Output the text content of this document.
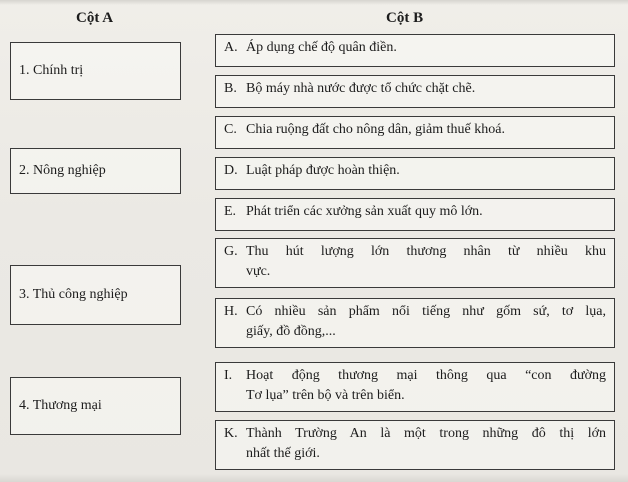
Cột A	Cột B
1. Chính trị
2. Nông nghiệp
3. Thủ công nghiệp
4. Thương mại
A. Áp dụng chế độ quân điền.
B. Bộ máy nhà nước được tổ chức chặt chẽ.
C. Chia ruộng đất cho nông dân, giảm thuế khoá.
D. Luật pháp được hoàn thiện.
E. Phát triển các xưởng sản xuất quy mô lớn.
G. Thu hút lượng lớn thương nhân từ nhiều khu
vực.
H. Có nhiều sản phẩm nổi tiếng như gốm sứ, tơ lụa,
giấy, đồ đồng,...
I. Hoạt động thương mại thông qua “con đường
Tơ lụa” trên bộ và trên biển.
K. Thành Trường An là một trong những đô thị lớn
nhất thế giới.
